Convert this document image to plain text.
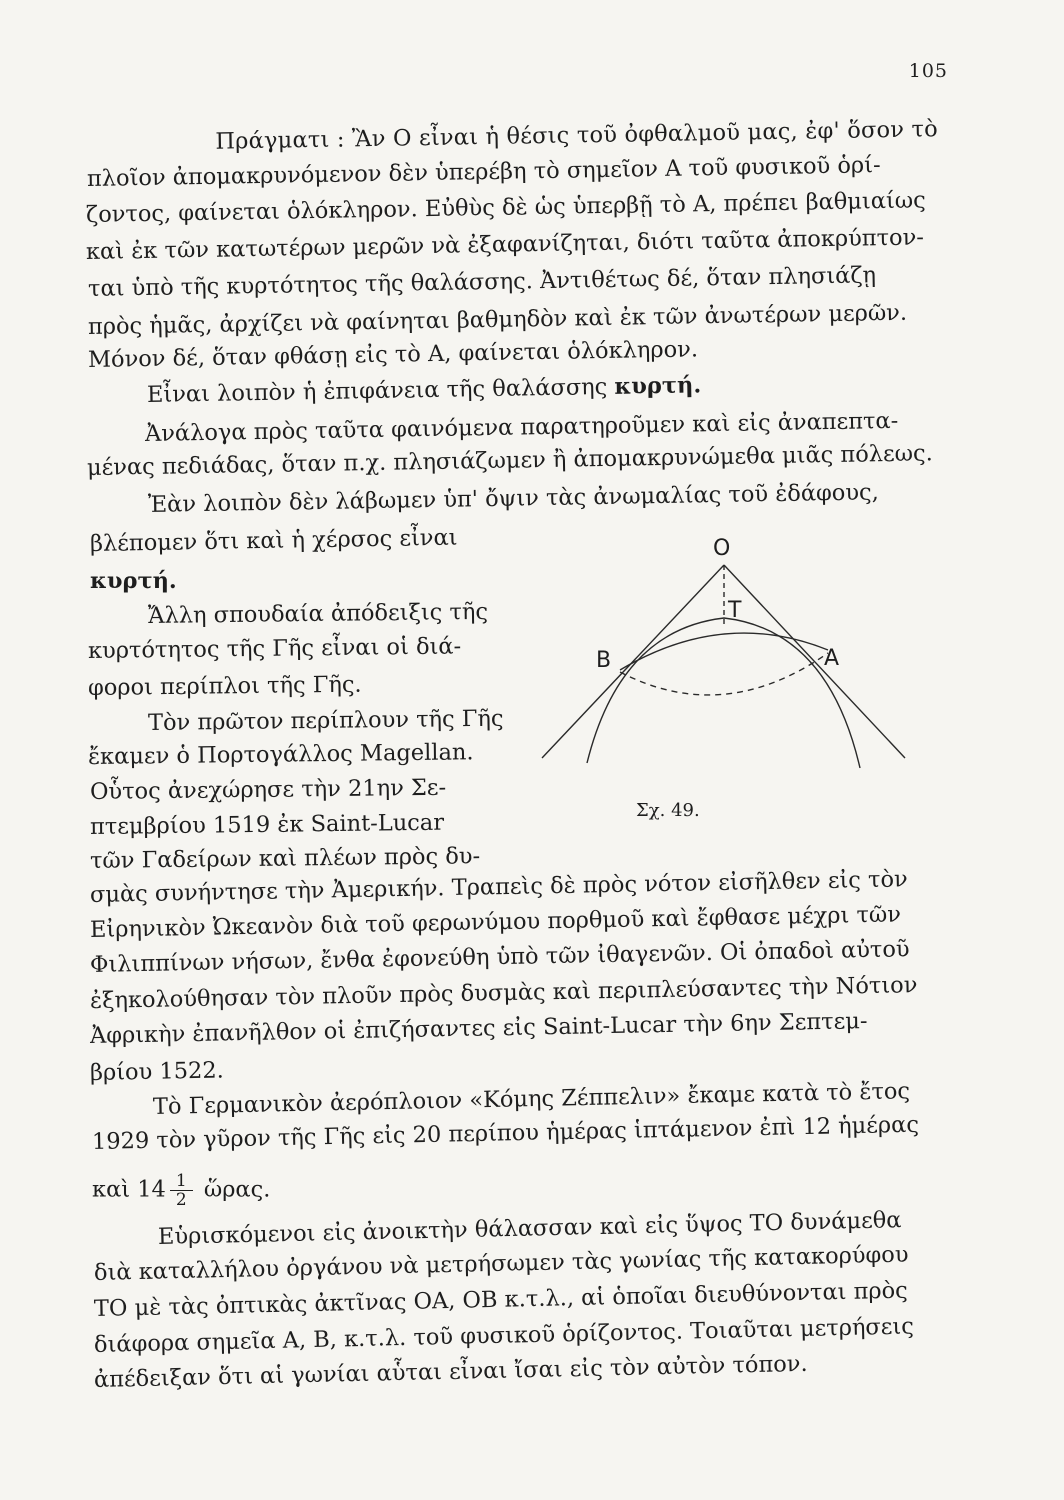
105
Πράγματι : Ἂν Ο εἶναι ἡ θέσις τοῦ ὀφθαλμοῦ μας, ἐφ' ὅσον τὸ
πλοῖον ἀπομακρυνόμενον δὲν ὑπερέβη τὸ σημεῖον Α τοῦ φυσικοῦ ὁρί-
ζοντος, φαίνεται ὁλόκληρον. Εὐθὺς δὲ ὡς ὑπερβῇ τὸ Α, πρέπει βαθμιαίως
καὶ ἐκ τῶν κατωτέρων μερῶν νὰ ἐξαφανίζηται, διότι ταῦτα ἀποκρύπτον-
ται ὑπὸ τῆς κυρτότητος τῆς θαλάσσης. Ἀντιθέτως δέ, ὅταν πλησιάζῃ
πρὸς ἡμᾶς, ἀρχίζει νὰ φαίνηται βαθμηδὸν καὶ ἐκ τῶν ἀνωτέρων μερῶν.
Μόνον δέ, ὅταν φθάσῃ εἰς τὸ Α, φαίνεται ὁλόκληρον.
Εἶναι λοιπὸν ἡ ἐπιφάνεια τῆς θαλάσσης κυρτή.
Ἀνάλογα πρὸς ταῦτα φαινόμενα παρατηροῦμεν καὶ εἰς ἀναπεπτα-
μένας πεδιάδας, ὅταν π.χ. πλησιάζωμεν ἢ ἀπομακρυνώμεθα μιᾶς πόλεως.
Ἐὰν λοιπὸν δὲν λάβωμεν ὑπ' ὄψιν τὰς ἀνωμαλίας τοῦ ἐδάφους,
βλέπομεν ὅτι καὶ ἡ χέρσος εἶναι
κυρτή.
Ἄλλη σπουδαία ἀπόδειξις τῆς
κυρτότητος τῆς Γῆς εἶναι οἱ διά-
φοροι περίπλοι τῆς Γῆς.
Τὸν πρῶτον περίπλουν τῆς Γῆς
ἔκαμεν ὁ Πορτογάλλος Magellan.
Οὗτος ἀνεχώρησε τὴν 21ην Σε-
πτεμβρίου 1519 ἐκ Saint-Lucar
τῶν Γαδείρων καὶ πλέων πρὸς δυ-
σμὰς συνήντησε τὴν Ἀμερικήν. Τραπεὶς δὲ πρὸς νότον εἰσῆλθεν εἰς τὸν
Εἰρηνικὸν Ὠκεανὸν διὰ τοῦ φερωνύμου πορθμοῦ καὶ ἔφθασε μέχρι τῶν
Φιλιππίνων νήσων, ἔνθα ἐφονεύθη ὑπὸ τῶν ἰθαγενῶν. Οἱ ὀπαδοὶ αὐτοῦ
ἐξηκολούθησαν τὸν πλοῦν πρὸς δυσμὰς καὶ περιπλεύσαντες τὴν Νότιον
Ἀφρικὴν ἐπανῆλθον οἱ ἐπιζήσαντες εἰς Saint-Lucar τὴν 6ην Σεπτεμ-
βρίου 1522.
Τὸ Γερμανικὸν ἀερόπλοιον «Κόμης Ζέππελιν» ἔκαμε κατὰ τὸ ἔτος
1929 τὸν γῦρον τῆς Γῆς εἰς 20 περίπου ἡμέρας ἱπτάμενον ἐπὶ 12 ἡμέρας
καὶ $14 \frac{1}{2}$ ὥρας.
Εὑρισκόμενοι εἰς ἀνοικτὴν θάλασσαν καὶ εἰς ὕψος ΤΟ δυνάμεθα
διὰ καταλλήλου ὀργάνου νὰ μετρήσωμεν τὰς γωνίας τῆς κατακορύφου
ΤΟ μὲ τὰς ὀπτικὰς ἀκτῖνας ΟΑ, ΟΒ κ.τ.λ., αἱ ὁποῖαι διευθύνονται πρὸς
διάφορα σημεῖα Α, Β, κ.τ.λ. τοῦ φυσικοῦ ὁρίζοντος. Τοιαῦται μετρήσεις
ἀπέδειξαν ὅτι αἱ γωνίαι αὗται εἶναι ἴσαι εἰς τὸν αὐτὸν τόπον.
O
T
B	A
Σχ. 49.
